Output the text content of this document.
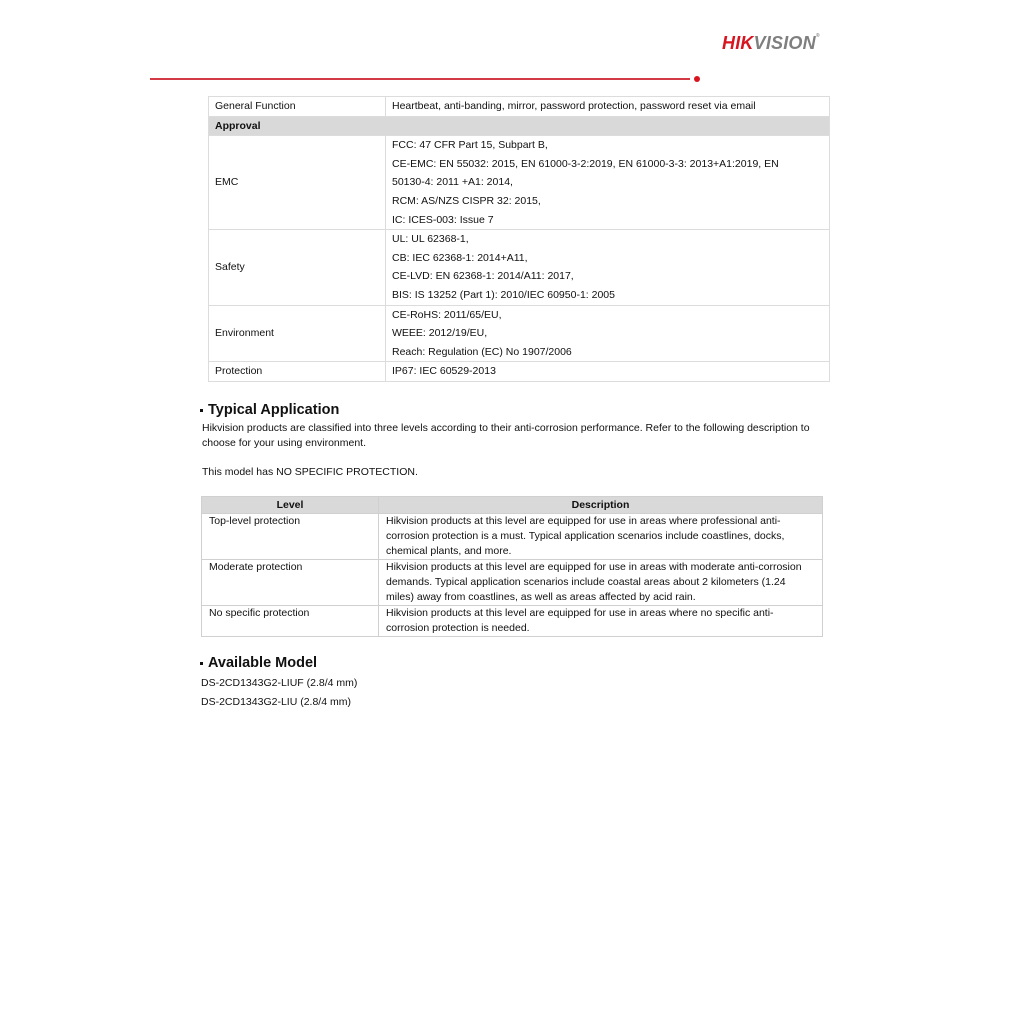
HIKVISION®
General Function	Heartbeat, anti-banding, mirror, password protection, password reset via email

Approval	
EMC	FCC: 47 CFR Part 15, Subpart B,
CE-EMC: EN 55032: 2015, EN 61000-3-2:2019, EN 61000-3-3: 2013+A1:2019, EN
50130-4: 2011 +A1: 2014,
RCM: AS/NZS CISPR 32: 2015,
IC: ICES-003: Issue 7

Safety	UL: UL 62368-1,
CB: IEC 62368-1: 2014+A11,
CE-LVD: EN 62368-1: 2014/A11: 2017,
BIS: IS 13252 (Part 1): 2010/IEC 60950-1: 2005

Environment	CE-RoHS: 2011/65/EU,
WEEE: 2012/19/EU,
Reach: Regulation (EC) No 1907/2006

Protection	IP67: IEC 60529-2013
Typical Application
Hikvision products are classified into three levels according to their anti-corrosion performance. Refer to the following description to choose for your using environment.
This model has NO SPECIFIC PROTECTION.
Level	Description
Top-level protection	Hikvision products at this level are equipped for use in areas where professional anti-corrosion protection is a must. Typical application scenarios include coastlines, docks, chemical plants, and more.
Moderate protection	Hikvision products at this level are equipped for use in areas with moderate anti-corrosion demands. Typical application scenarios include coastal areas about 2 kilometers (1.24 miles) away from coastlines, as well as areas affected by acid rain.
No specific protection	Hikvision products at this level are equipped for use in areas where no specific anti-corrosion protection is needed.
Available Model
DS-2CD1343G2-LIUF (2.8/4 mm)
DS-2CD1343G2-LIU (2.8/4 mm)
